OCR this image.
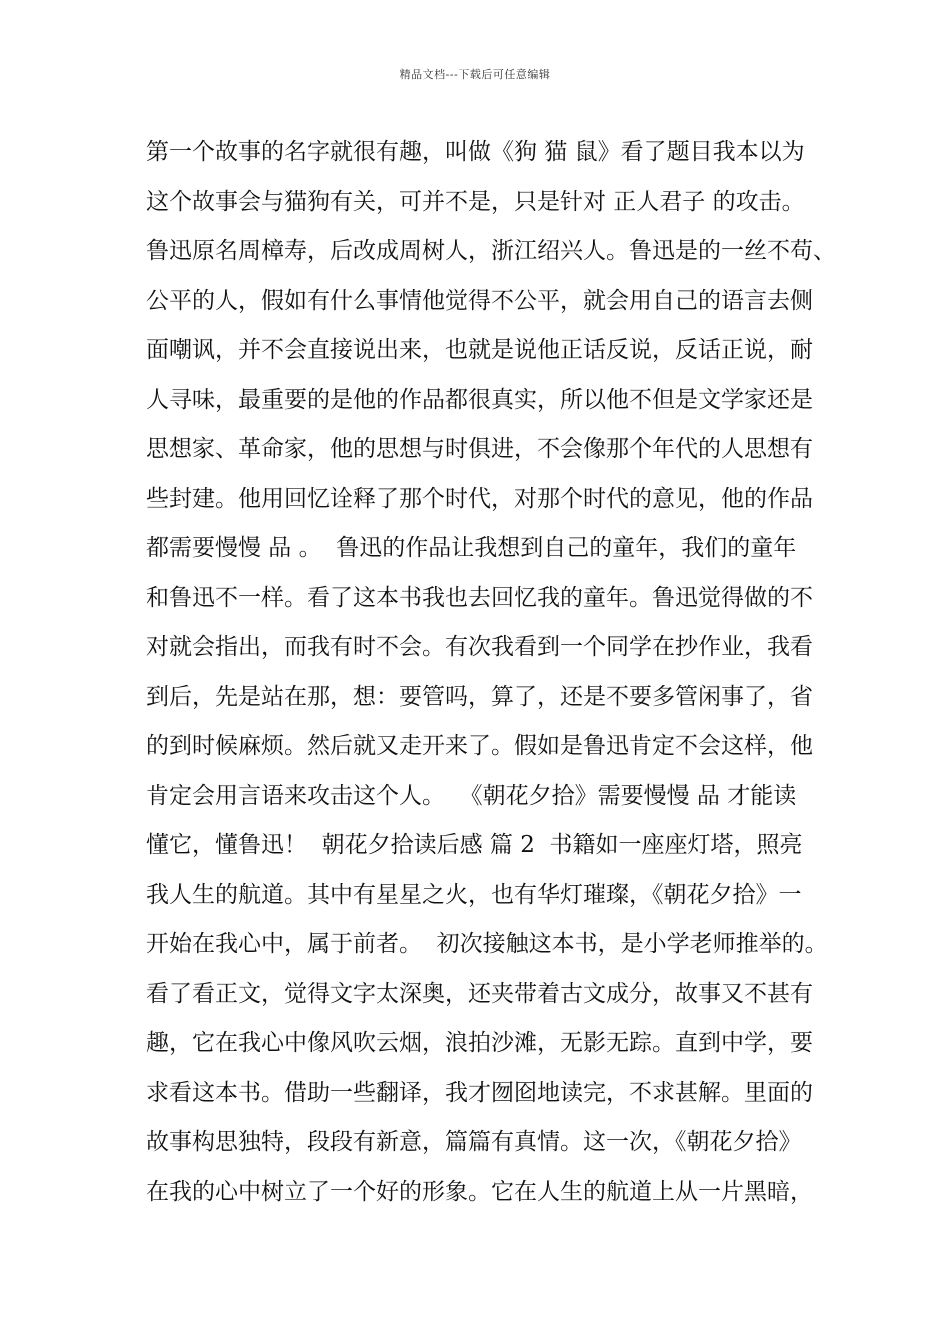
精品文档---下载后可任意编辑
第一个故事的名字就很有趣，叫做《狗 猫 鼠》看了题目我本以为
这个故事会与猫狗有关，可并不是，只是针对 正人君子 的攻击。
鲁迅原名周樟寿，后改成周树人，浙江绍兴人。鲁迅是的一丝不苟、
公平的人，假如有什么事情他觉得不公平，就会用自己的语言去侧
面嘲讽，并不会直接说出来，也就是说他正话反说，反话正说，耐
人寻味，最重要的是他的作品都很真实，所以他不但是文学家还是
思想家、革命家，他的思想与时俱进，不会像那个年代的人思想有
些封建。他用回忆诠释了那个时代，对那个时代的意见，他的作品
都需要慢慢 品 。  鲁迅的作品让我想到自己的童年，我们的童年
和鲁迅不一样。看了这本书我也去回忆我的童年。鲁迅觉得做的不
对就会指出，而我有时不会。有次我看到一个同学在抄作业，我看
到后，先是站在那，想：要管吗，算了，还是不要多管闲事了，省
的到时候麻烦。然后就又走开来了。假如是鲁迅肯定不会这样，他
肯定会用言语来攻击这个人。  《朝花夕拾》需要慢慢 品 才能读
懂它，懂鲁迅！  朝花夕拾读后感 篇 2  书籍如一座座灯塔，照亮
我人生的航道。其中有星星之火，也有华灯璀璨，《朝花夕拾》一
开始在我心中，属于前者。  初次接触这本书，是小学老师推举的。
看了看正文，觉得文字太深奥，还夹带着古文成分，故事又不甚有
趣，它在我心中像风吹云烟，浪拍沙滩，无影无踪。直到中学，要
求看这本书。借助一些翻译，我才囫囵地读完，不求甚解。里面的
故事构思独特，段段有新意，篇篇有真情。这一次，《朝花夕拾》
在我的心中树立了一个好的形象。它在人生的航道上从一片黑暗，
